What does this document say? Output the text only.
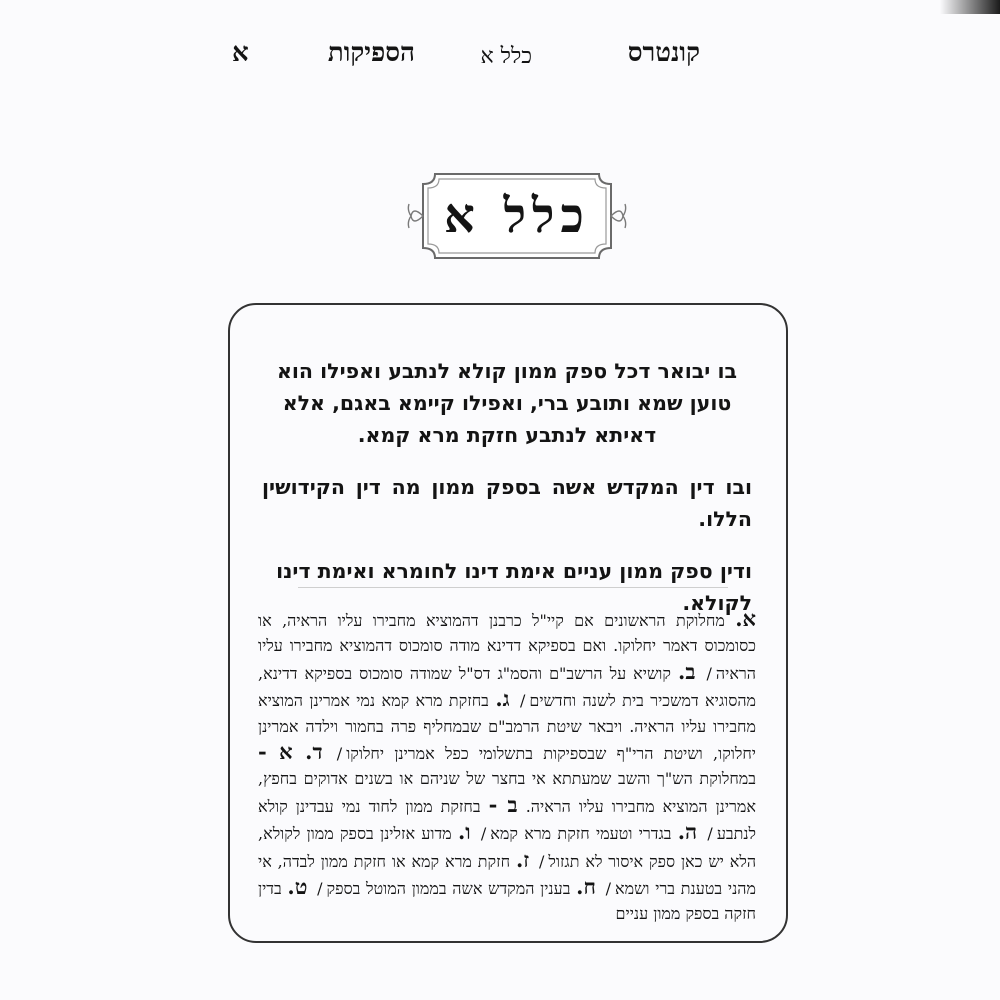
קונטרס
כלל א
הספיקות
א
כלל א

בו יבואר דכל ספק ממון קולא לנתבע ואפילו הוא טוען שמא ותובע ברי, ואפילו קיימא באגם, אלא דאיתא לנתבע חזקת מרא קמא.

ובו דין המקדש אשה בספק ממון מה דין הקידושין הללו.

ודין ספק ממון עניים אימת דינו לחומרא ואימת דינו לקולא.

א. מחלוקת הראשונים אם קיי"ל כרבנן דהמוציא מחבירו עליו הראיה, או כסומכוס דאמר יחלוקו. ואם בספיקא דדינא מודה סומכוס דהמוציא מחבירו עליו הראיה/ ב. קושיא על הרשב"ם והסמ"ג דס"ל שמודה סומכוס בספיקא דדינא, מהסוגיא דמשכיר בית לשנה וחדשים/ ג. בחזקת מרא קמא נמי אמרינן המוציא מחבירו עליו הראיה. ויבאר שיטת הרמב"ם שבמחליף פרה בחמור וילדה אמרינן יחלוקו, ושיטת הרי"ף שבספיקות בתשלומי כפל אמרינן יחלוקו/ ד. א - במחלוקת הש"ך והשב שמעתתא אי בחצר של שניהם או בשנים אדוקים בחפץ, אמרינן המוציא מחבירו עליו הראיה. ב - בחזקת ממון לחוד נמי עבדינן קולא לנתבע/ ה. בגדרי וטעמי חזקת מרא קמא/ ו. מדוע אזלינן בספק ממון לקולא, הלא יש כאן ספק איסור לא תגזול/ ז. חזקת מרא קמא או חזקת ממון לבדה, אי מהני בטענת ברי ושמא/ ח. בענין המקדש אשה בממון המוטל בספק/ ט. בדין חזקה בספק ממון עניים
